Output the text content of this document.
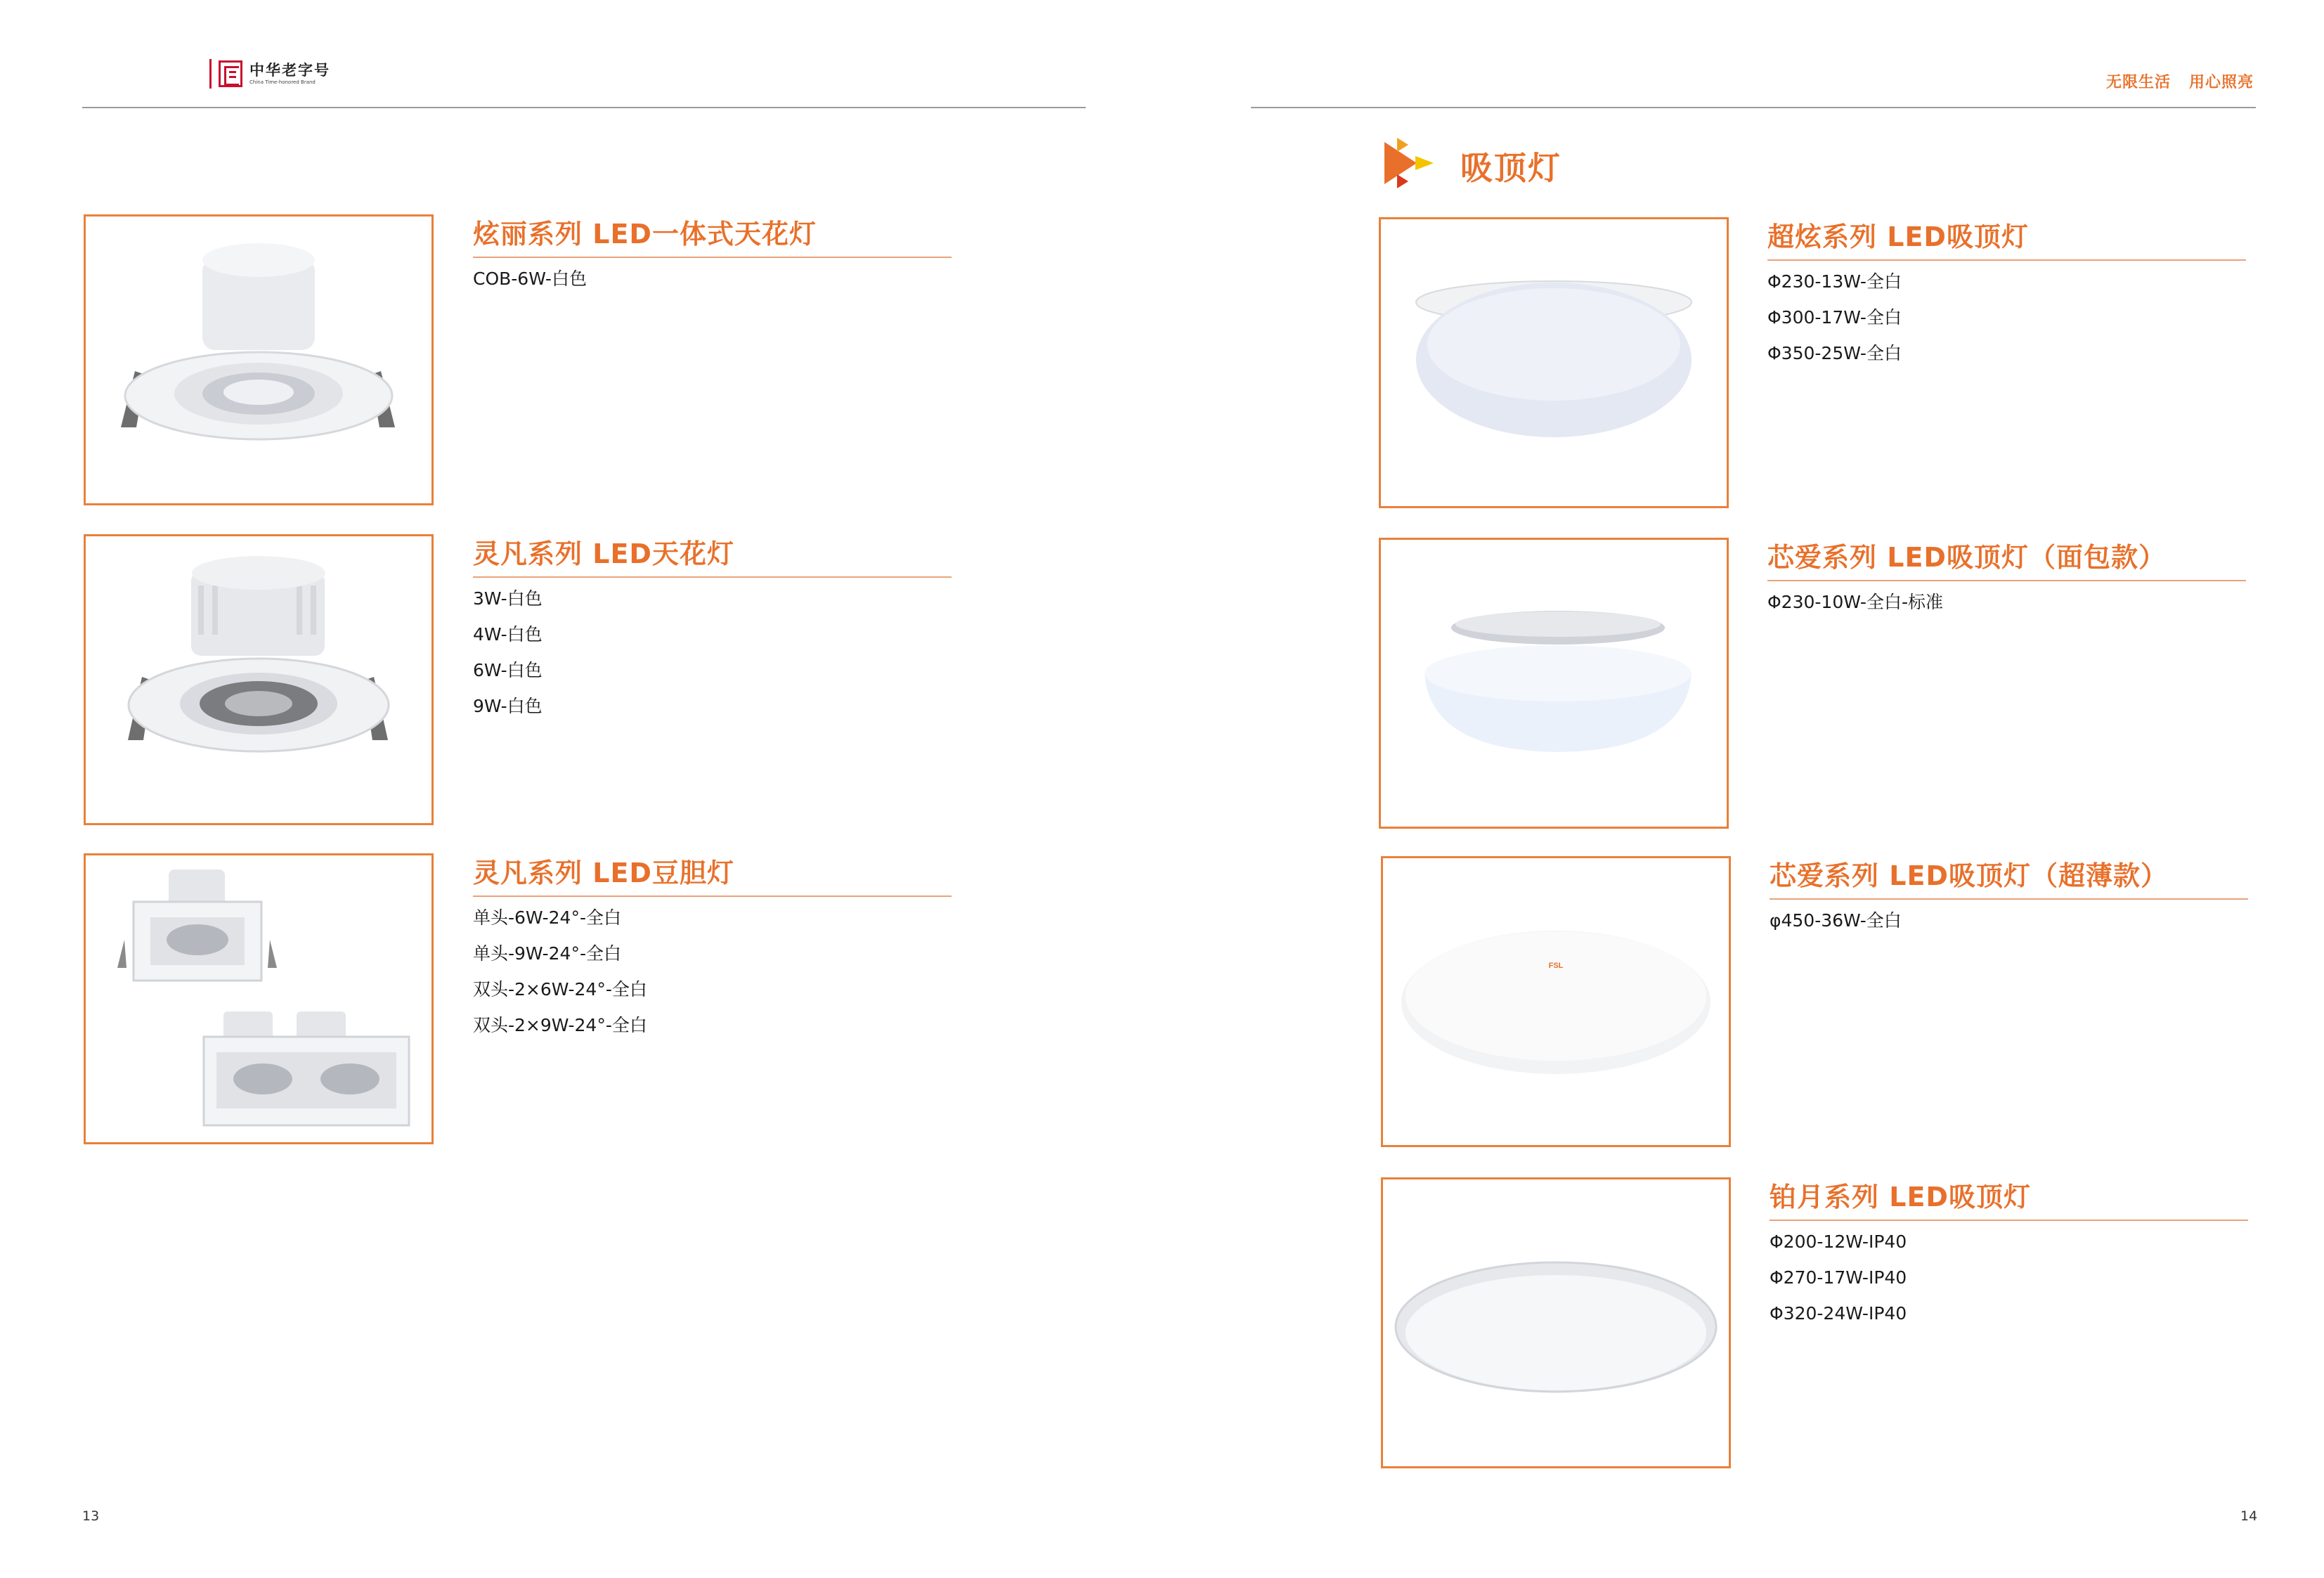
中华老字号
China Time-honored Brand	无限生活   用心照亮
吸顶灯
炫丽系列 LED一体式天花灯
COB-6W-白色
灵凡系列 LED天花灯
3W-白色
4W-白色
6W-白色
9W-白色
灵凡系列 LED豆胆灯
单头-6W-24°-全白
单头-9W-24°-全白
双头-2×6W-24°-全白
双头-2×9W-24°-全白
超炫系列 LED吸顶灯
Φ230-13W-全白
Φ300-17W-全白
Φ350-25W-全白
芯爱系列 LED吸顶灯（面包款）
Φ230-10W-全白-标准
FSL
芯爱系列 LED吸顶灯（超薄款）
φ450-36W-全白
铂月系列 LED吸顶灯
Φ200-12W-IP40
Φ270-17W-IP40
Φ320-24W-IP40
13	14
